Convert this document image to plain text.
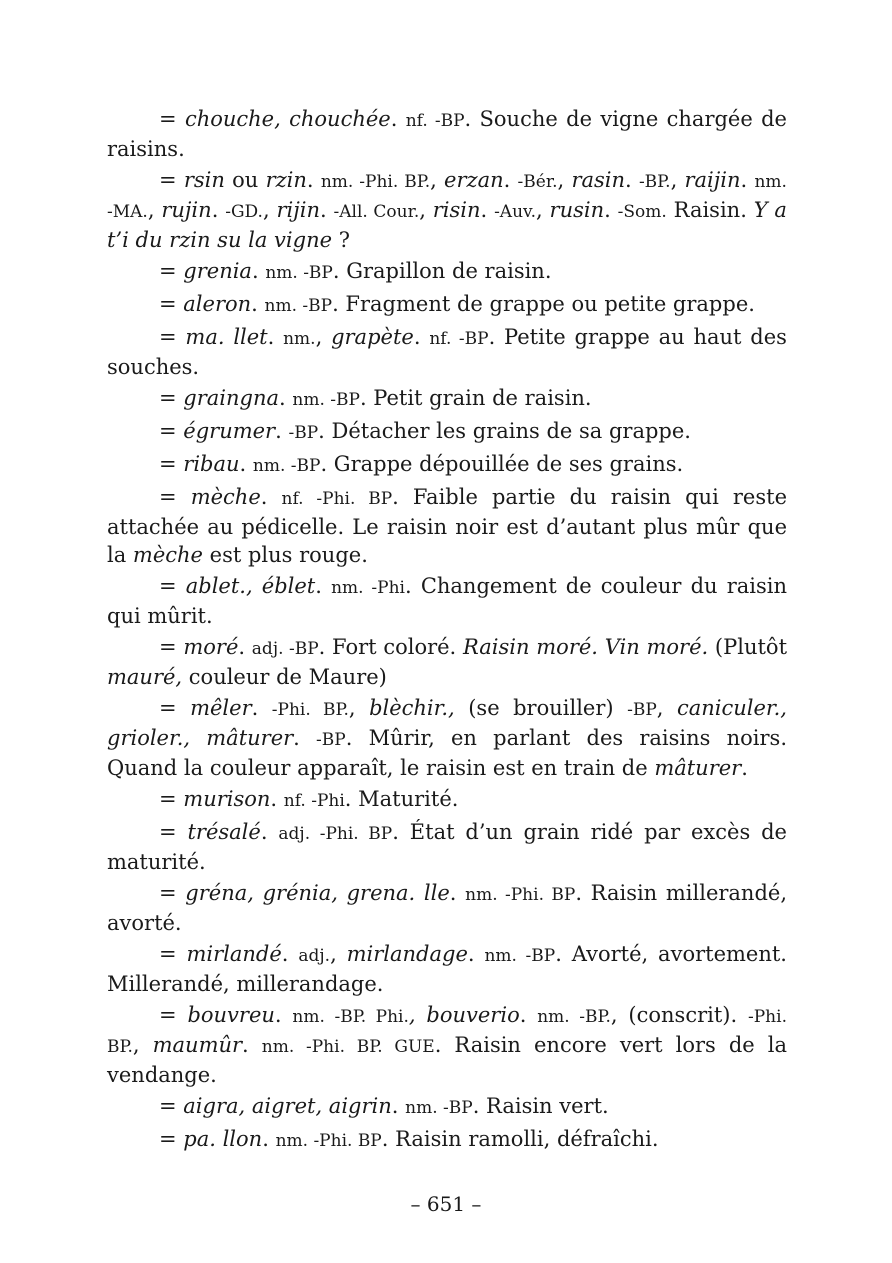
= chouche, chouchée. nf. -BP. Souche de vigne chargée de raisins.

= rsin ou rzin. nm. -Phi. BP., erzan. -Bér., rasin. -BP., raijin. nm. -MA., rujin. -GD., rijin. -All. Cour., risin. -Auv., rusin. -Som. Raisin. Y a t’i du rzin su la vigne ?

= grenia. nm. -BP. Grapillon de raisin.

= aleron. nm. -BP. Fragment de grappe ou petite grappe.

= ma. llet. nm., grapète. nf. -BP. Petite grappe au haut des souches.

= graingna. nm. -BP. Petit grain de raisin.

= égrumer. -BP. Détacher les grains de sa grappe.

= ribau. nm. -BP. Grappe dépouillée de ses grains.

= mèche. nf. -Phi. BP. Faible partie du raisin qui reste attachée au pédicelle. Le raisin noir est d’autant plus mûr que la mèche est plus rouge.

= ablet., éblet. nm. -Phi. Changement de couleur du raisin qui mûrit.

= moré. adj. -BP. Fort coloré. Raisin moré. Vin moré. (Plutôt mauré, couleur de Maure)

= mêler. -Phi. BP., blèchir., (se brouiller) -BP, caniculer., grioler., mâturer. -BP. Mûrir, en parlant des raisins noirs. Quand la couleur apparaît, le raisin est en train de mâturer.

= murison. nf. -Phi. Maturité.

= trésalé. adj. -Phi. BP. État d’un grain ridé par excès de maturité.

= gréna, grénia, grena. lle. nm. -Phi. BP. Raisin millerandé, avorté.

= mirlandé. adj., mirlandage. nm. -BP. Avorté, avortement. Millerandé, millerandage.

= bouvreu. nm. -BP. Phi., bouverio. nm. -BP., (conscrit). -Phi. BP., maumûr. nm. -Phi. BP. GUE. Raisin encore vert lors de la vendange.

= aigra, aigret, aigrin. nm. -BP. Raisin vert.

= pa. llon. nm. -Phi. BP. Raisin ramolli, défraîchi.

– 651 –
